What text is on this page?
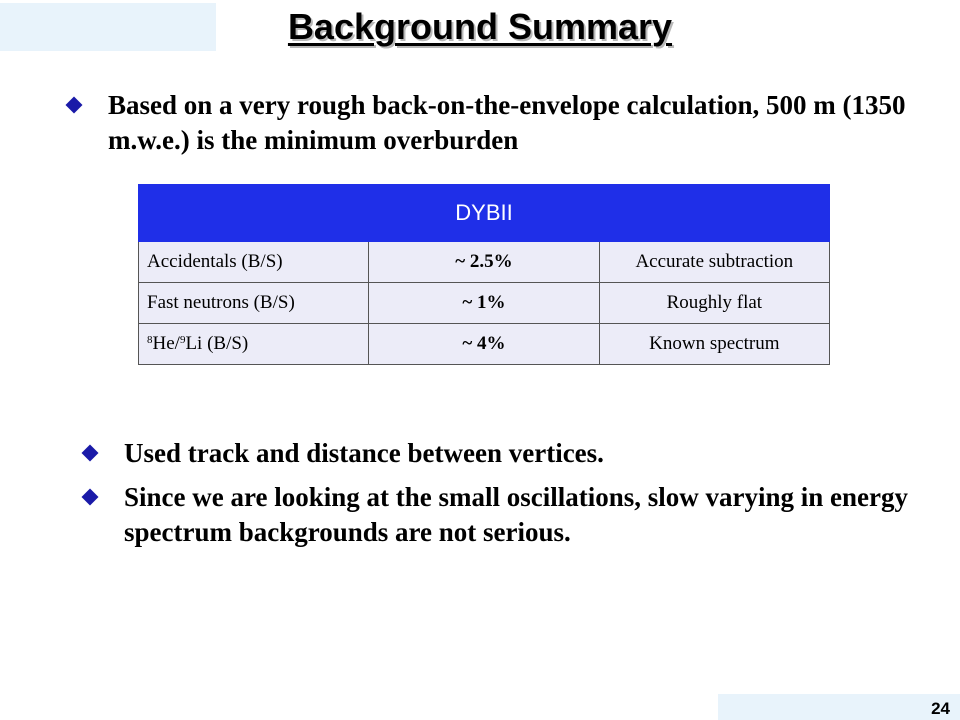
Background Summary
Based on a very rough back-on-the-envelope calculation, 500 m (1350 m.w.e.) is the minimum overburden
DYBII		
Accidentals (B/S)	~ 2.5%	Accurate subtraction
Fast neutrons (B/S)	~ 1%	Roughly flat
$^8$He/$^9$Li (B/S)	~ 4%	Known spectrum
Used track and distance between vertices.
Since we are looking at the small oscillations, slow varying in energy spectrum backgrounds are not serious.
24
